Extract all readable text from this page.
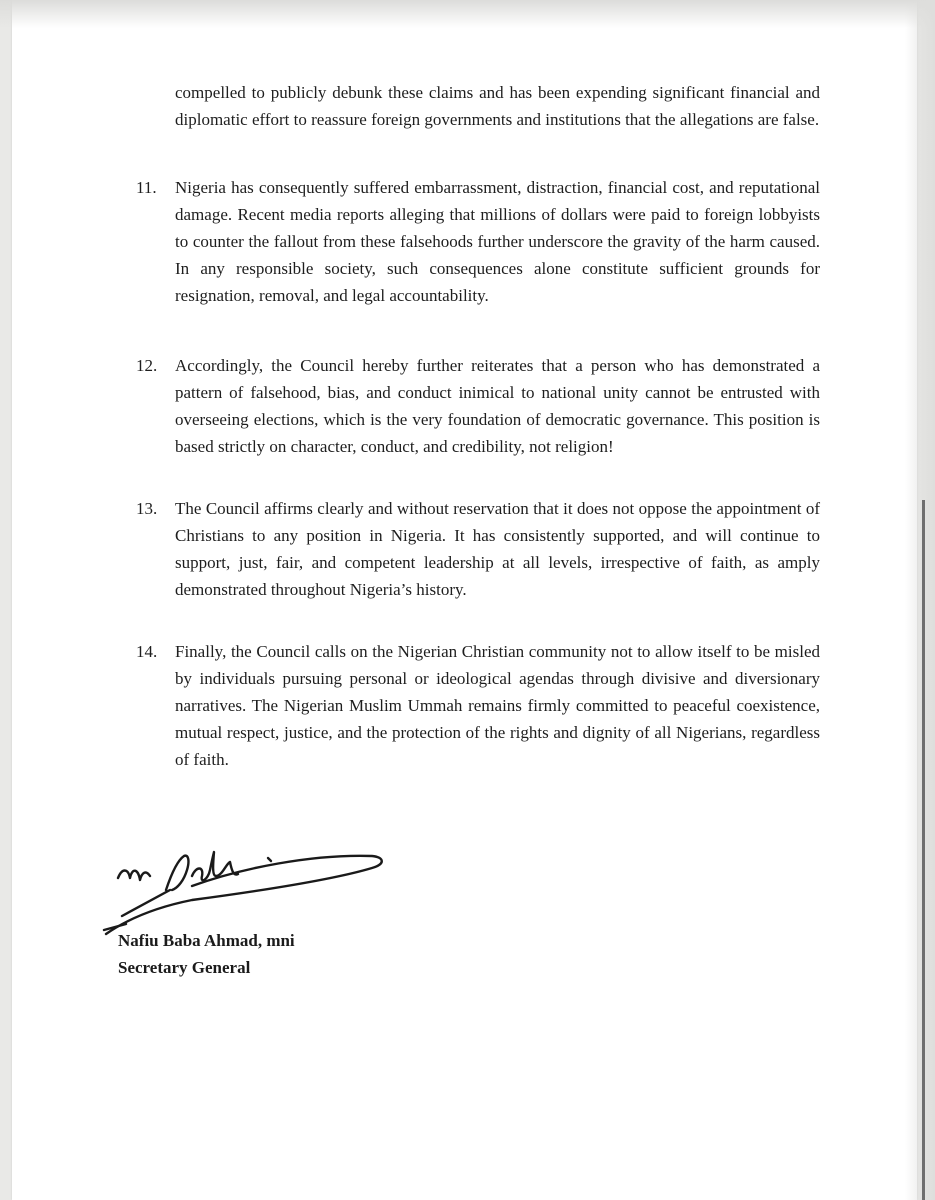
compelled to publicly debunk these claims and has been expending significant financial and diplomatic effort to reassure foreign governments and institutions that the allegations are false.

11.	Nigeria has consequently suffered embarrassment, distraction, financial cost, and reputational damage. Recent media reports alleging that millions of dollars were paid to foreign lobbyists to counter the fallout from these falsehoods further underscore the gravity of the harm caused. In any responsible society, such consequences alone constitute sufficient grounds for resignation, removal, and legal accountability.
12.	Accordingly, the Council hereby further reiterates that a person who has demonstrated a pattern of falsehood, bias, and conduct inimical to national unity cannot be entrusted with overseeing elections, which is the very foundation of democratic governance. This position is based strictly on character, conduct, and credibility, not religion!
13.	The Council affirms clearly and without reservation that it does not oppose the appointment of Christians to any position in Nigeria. It has consistently supported, and will continue to support, just, fair, and competent leadership at all levels, irrespective of faith, as amply demonstrated throughout Nigeria’s history.
14.	Finally, the Council calls on the Nigerian Christian community not to allow itself to be misled by individuals pursuing personal or ideological agendas through divisive and diversionary narratives. The Nigerian Muslim Ummah remains firmly committed to peaceful coexistence, mutual respect, justice, and the protection of the rights and dignity of all Nigerians, regardless of faith.
Nafiu Baba Ahmad, mni
Secretary General
